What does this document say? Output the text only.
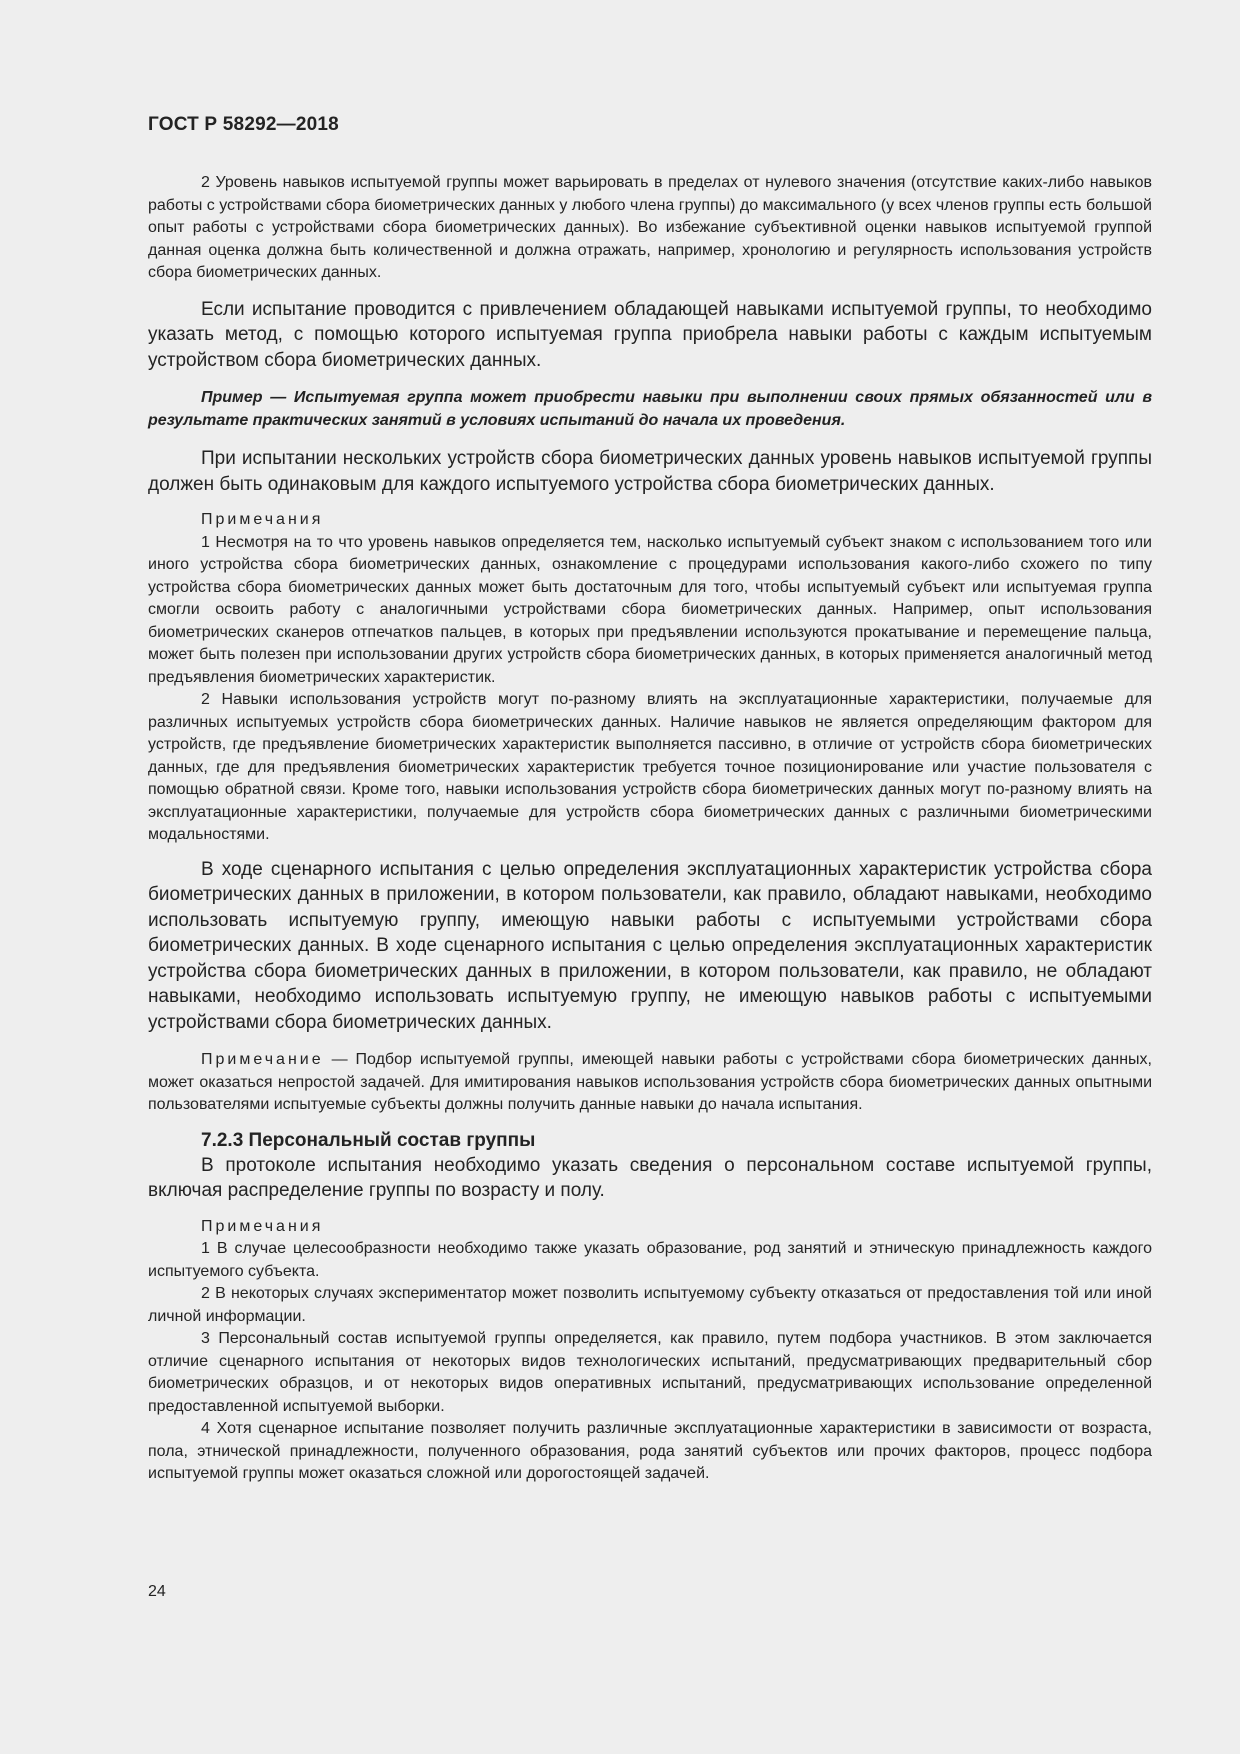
ГОСТ Р 58292—2018

2 Уровень навыков испытуемой группы может варьировать в пределах от нулевого значения (отсутствие каких-либо навыков работы с устройствами сбора биометрических данных у любого члена группы) до максимального (у всех членов группы есть большой опыт работы с устройствами сбора биометрических данных). Во избежание субъективной оценки навыков испытуемой группой данная оценка должна быть количественной и должна отражать, например, хронологию и регулярность использования устройств сбора биометрических данных.

Если испытание проводится с привлечением обладающей навыками испытуемой группы, то необходимо указать метод, с помощью которого испытуемая группа приобрела навыки работы с каждым испытуемым устройством сбора биометрических данных.

Пример — Испытуемая группа может приобрести навыки при выполнении своих прямых обязанностей или в результате практических занятий в условиях испытаний до начала их проведения.

При испытании нескольких устройств сбора биометрических данных уровень навыков испытуемой группы должен быть одинаковым для каждого испытуемого устройства сбора биометрических данных.

Примечания

1 Несмотря на то что уровень навыков определяется тем, насколько испытуемый субъект знаком с использованием того или иного устройства сбора биометрических данных, ознакомление с процедурами использования какого-либо схожего по типу устройства сбора биометрических данных может быть достаточным для того, чтобы испытуемый субъект или испытуемая группа смогли освоить работу с аналогичными устройствами сбора биометрических данных. Например, опыт использования биометрических сканеров отпечатков пальцев, в которых при предъявлении используются прокатывание и перемещение пальца, может быть полезен при использовании других устройств сбора биометрических данных, в которых применяется аналогичный метод предъявления биометрических характеристик.

2 Навыки использования устройств могут по-разному влиять на эксплуатационные характеристики, получаемые для различных испытуемых устройств сбора биометрических данных. Наличие навыков не является определяющим фактором для устройств, где предъявление биометрических характеристик выполняется пассивно, в отличие от устройств сбора биометрических данных, где для предъявления биометрических характеристик требуется точное позиционирование или участие пользователя с помощью обратной связи. Кроме того, навыки использования устройств сбора биометрических данных могут по-разному влиять на эксплуатационные характеристики, получаемые для устройств сбора биометрических данных с различными биометрическими модальностями.

В ходе сценарного испытания с целью определения эксплуатационных характеристик устройства сбора биометрических данных в приложении, в котором пользователи, как правило, обладают навыками, необходимо использовать испытуемую группу, имеющую навыки работы с испытуемыми устройствами сбора биометрических данных. В ходе сценарного испытания с целью определения эксплуатационных характеристик устройства сбора биометрических данных в приложении, в котором пользователи, как правило, не обладают навыками, необходимо использовать испытуемую группу, не имеющую навыков работы с испытуемыми устройствами сбора биометрических данных.

Примечание — Подбор испытуемой группы, имеющей навыки работы с устройствами сбора биометрических данных, может оказаться непростой задачей. Для имитирования навыков использования устройств сбора биометрических данных опытными пользователями испытуемые субъекты должны получить данные навыки до начала испытания.

7.2.3 Персональный состав группы

В протоколе испытания необходимо указать сведения о персональном составе испытуемой группы, включая распределение группы по возрасту и полу.

Примечания

1 В случае целесообразности необходимо также указать образование, род занятий и этническую принадлежность каждого испытуемого субъекта.

2 В некоторых случаях экспериментатор может позволить испытуемому субъекту отказаться от предоставления той или иной личной информации.

3 Персональный состав испытуемой группы определяется, как правило, путем подбора участников. В этом заключается отличие сценарного испытания от некоторых видов технологических испытаний, предусматривающих предварительный сбор биометрических образцов, и от некоторых видов оперативных испытаний, предусматривающих использование определенной предоставленной испытуемой выборки.

4 Хотя сценарное испытание позволяет получить различные эксплуатационные характеристики в зависимости от возраста, пола, этнической принадлежности, полученного образования, рода занятий субъектов или прочих факторов, процесс подбора испытуемой группы может оказаться сложной или дорогостоящей задачей.

24
